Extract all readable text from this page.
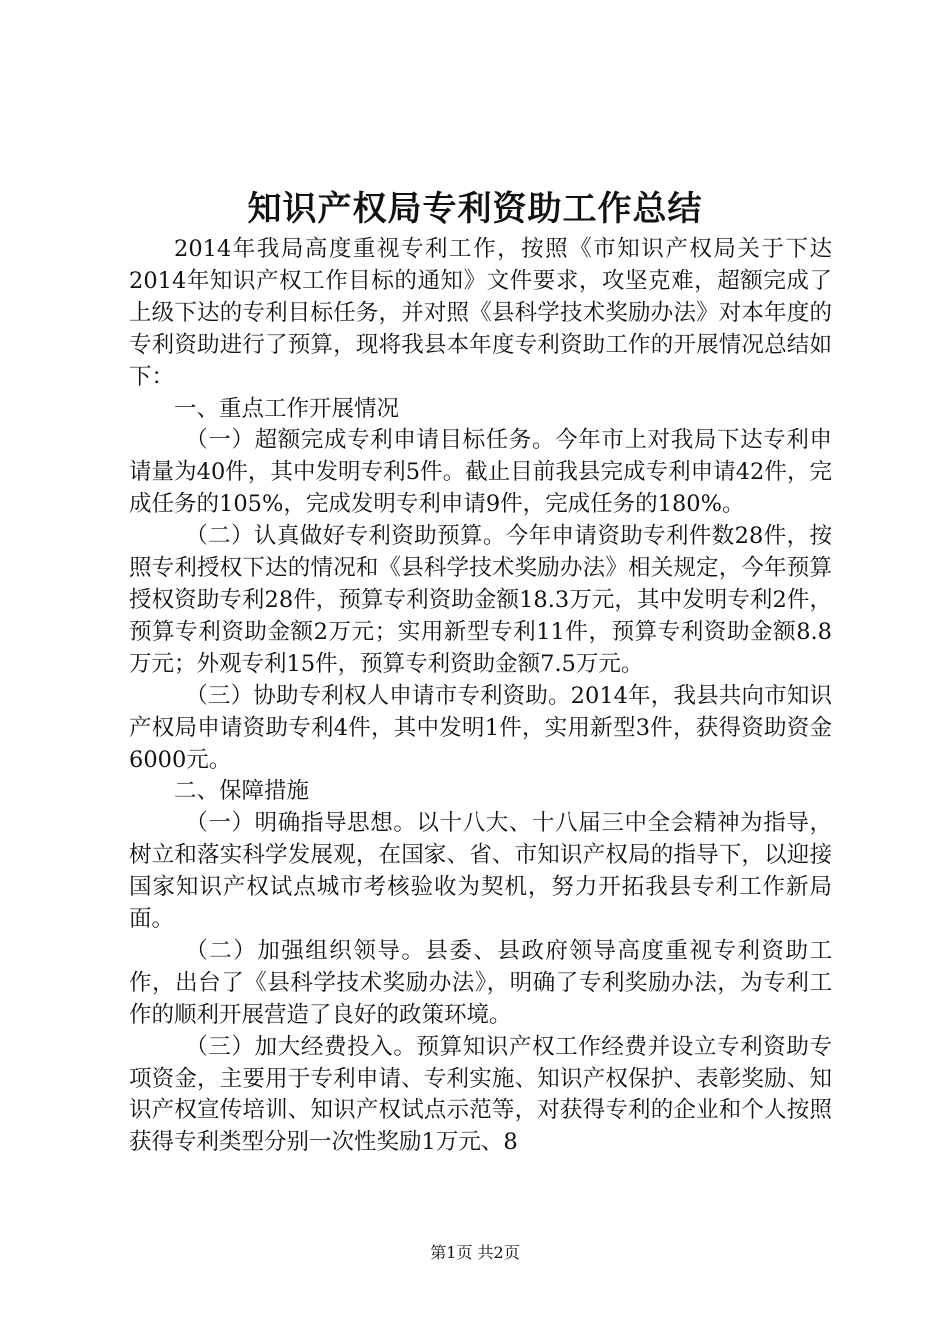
知识产权局专利资助工作总结

2014年我局高度重视专利工作，按照《市知识产权局关于下达2014年知识产权工作目标的通知》文件要求，攻坚克难，超额完成了上级下达的专利目标任务，并对照《县科学技术奖励办法》对本年度的专利资助进行了预算，现将我县本年度专利资助工作的开展情况总结如下：

一、重点工作开展情况

（一）超额完成专利申请目标任务。今年市上对我局下达专利申请量为40件，其中发明专利5件。截止目前我县完成专利申请42件，完成任务的105%，完成发明专利申请9件，完成任务的180%。

（二）认真做好专利资助预算。今年申请资助专利件数28件，按照专利授权下达的情况和《县科学技术奖励办法》相关规定，今年预算授权资助专利28件，预算专利资助金额18.3万元，其中发明专利2件，预算专利资助金额2万元；实用新型专利11件，预算专利资助金额8.8万元；外观专利15件，预算专利资助金额7.5万元。

（三）协助专利权人申请市专利资助。2014年，我县共向市知识产权局申请资助专利4件，其中发明1件，实用新型3件，获得资助资金6000元。

二、保障措施

（一）明确指导思想。以十八大、十八届三中全会精神为指导，树立和落实科学发展观，在国家、省、市知识产权局的指导下，以迎接国家知识产权试点城市考核验收为契机，努力开拓我县专利工作新局面。

（二）加强组织领导。县委、县政府领导高度重视专利资助工作，出台了《县科学技术奖励办法》，明确了专利奖励办法，为专利工作的顺利开展营造了良好的政策环境。

（三）加大经费投入。预算知识产权工作经费并设立专利资助专项资金，主要用于专利申请、专利实施、知识产权保护、表彰奖励、知识产权宣传培训、知识产权试点示范等，对获得专利的企业和个人按照获得专利类型分别一次性奖励1万元、8

第1页 共2页
